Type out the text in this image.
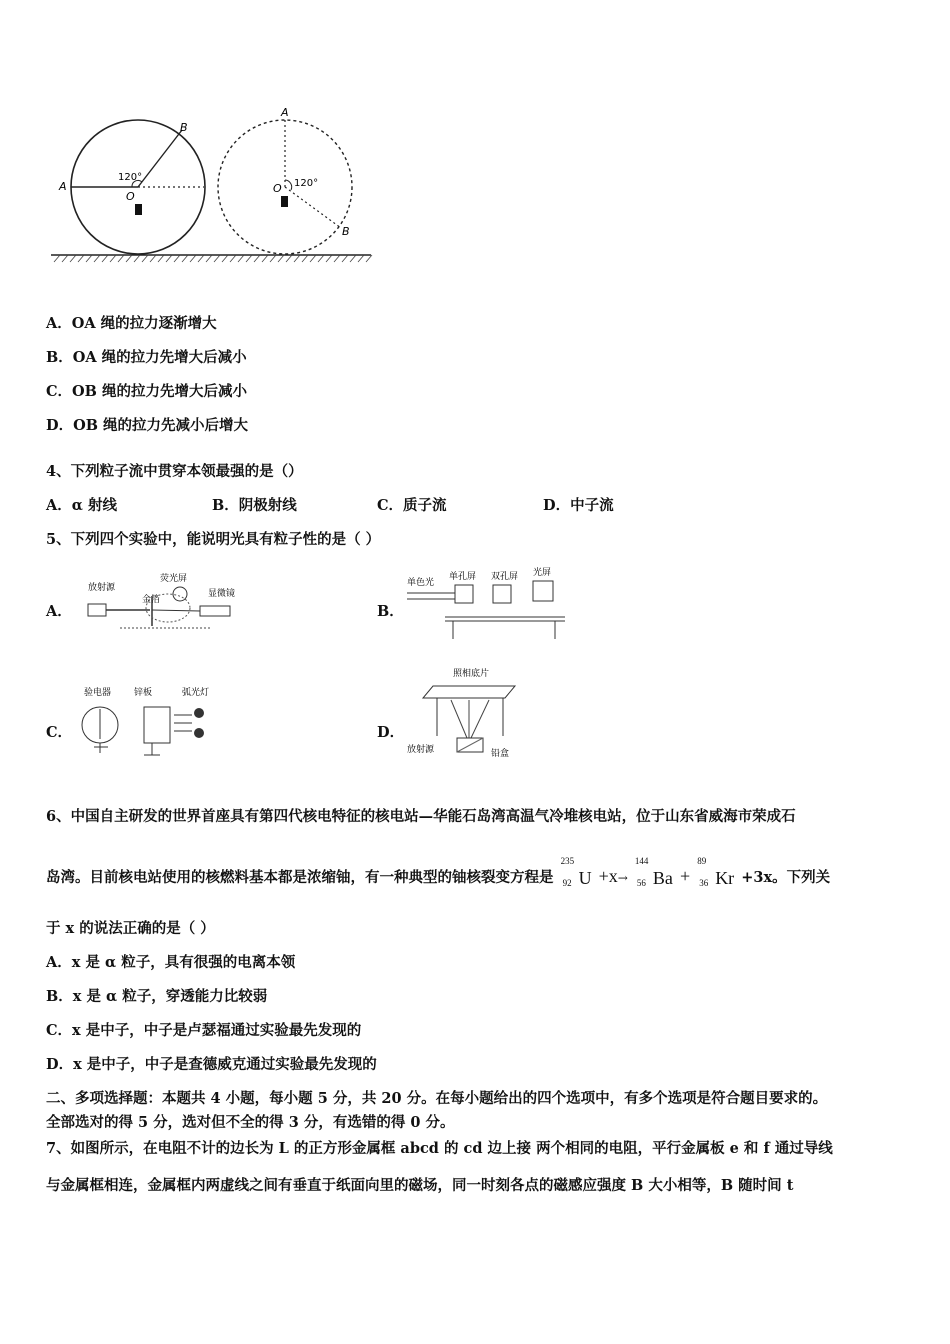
A
B
O
120°
A
B
O 120°
A．OA 绳的拉力逐渐增大
B．OA 绳的拉力先增大后减小
C．OB 绳的拉力先增大后减小
D．OB 绳的拉力先减小后增大
4、下列粒子流中贯穿本领最强的是（）
A．α 射线	B．阴极射线	C．质子流	D．中子流
5、下列四个实验中，能说明光具有粒子性的是（ ）
A．
放射源
荧光屏
显微镜
金箔
B．
单色光
单孔屏 双孔屏 光屏
C．
验电器	锌板	弧光灯
D．
照相底片
放射源	铅盒
6、中国自主研发的世界首座具有第四代核电特征的核电站—华能石岛湾高温气冷堆核电站，位于山东省威海市荣成石
岛湾。目前核电站使用的核燃料基本都是浓缩铀，有一种典型的铀核裂变方程是
235
92 U +x→
144
56 Ba +
89
36 Kr +3x。下列关
于 x 的说法正确的是（ ）
A．x 是 α 粒子，具有很强的电离本领
B．x 是 α 粒子，穿透能力比较弱
C．x 是中子，中子是卢瑟福通过实验最先发现的
D．x 是中子，中子是查德威克通过实验最先发现的
二、多项选择题：本题共 4 小题，每小题 5 分，共 20 分。在每小题给出的四个选项中，有多个选项是符合题目要求的。
全部选对的得 5 分，选对但不全的得 3 分，有选错的得 0 分。
7、如图所示，在电阻不计的边长为 L 的正方形金属框 abcd 的 cd 边上接 两个相同的电阻，平行金属板 e 和 f 通过导线
与金属框相连，金属框内两虚线之间有垂直于纸面向里的磁场，同一时刻各点的磁感应强度 B 大小相等，B 随时间 t
